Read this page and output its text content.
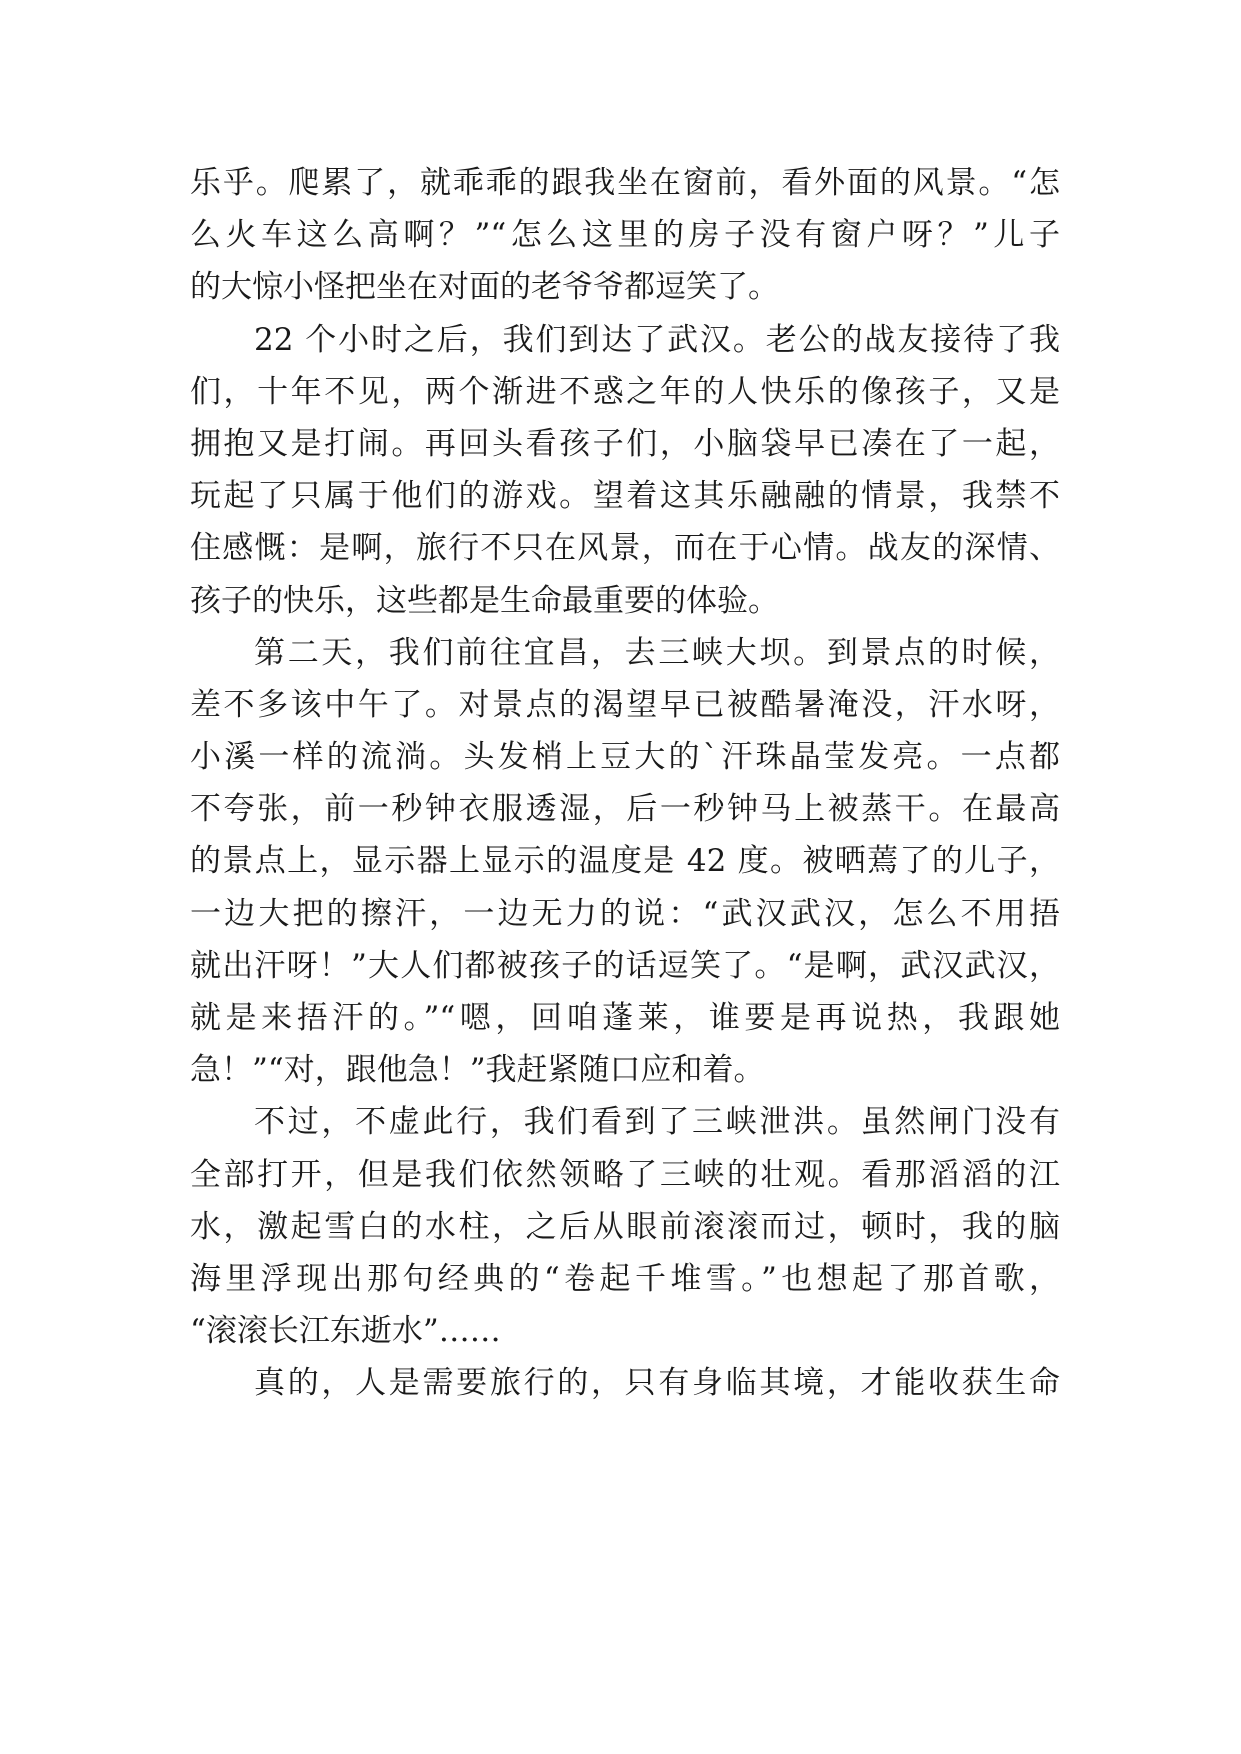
乐乎。爬累了，就乖乖的跟我坐在窗前，看外面的风景。“怎
么火车这么高啊？”“怎么这里的房子没有窗户呀？”儿子
的大惊小怪把坐在对面的老爷爷都逗笑了。
22 个小时之后，我们到达了武汉。老公的战友接待了我
们，十年不见，两个渐进不惑之年的人快乐的像孩子，又是
拥抱又是打闹。再回头看孩子们，小脑袋早已凑在了一起，
玩起了只属于他们的游戏。望着这其乐融融的情景，我禁不
住感慨：是啊，旅行不只在风景，而在于心情。战友的深情、
孩子的快乐，这些都是生命最重要的体验。
第二天，我们前往宜昌，去三峡大坝。到景点的时候，
差不多该中午了。对景点的渴望早已被酷暑淹没，汗水呀，
小溪一样的流淌。头发梢上豆大的`汗珠晶莹发亮。一点都
不夸张，前一秒钟衣服透湿，后一秒钟马上被蒸干。在最高
的景点上，显示器上显示的温度是 42 度。被晒蔫了的儿子，
一边大把的擦汗，一边无力的说：“武汉武汉，怎么不用捂
就出汗呀！”大人们都被孩子的话逗笑了。“是啊，武汉武汉，
就是来捂汗的。”“嗯，回咱蓬莱，谁要是再说热，我跟她
急！”“对，跟他急！”我赶紧随口应和着。
不过，不虚此行，我们看到了三峡泄洪。虽然闸门没有
全部打开，但是我们依然领略了三峡的壮观。看那滔滔的江
水，激起雪白的水柱，之后从眼前滚滚而过，顿时，我的脑
海里浮现出那句经典的“卷起千堆雪。”也想起了那首歌，
“滚滚长江东逝水”……
真的，人是需要旅行的，只有身临其境，才能收获生命
